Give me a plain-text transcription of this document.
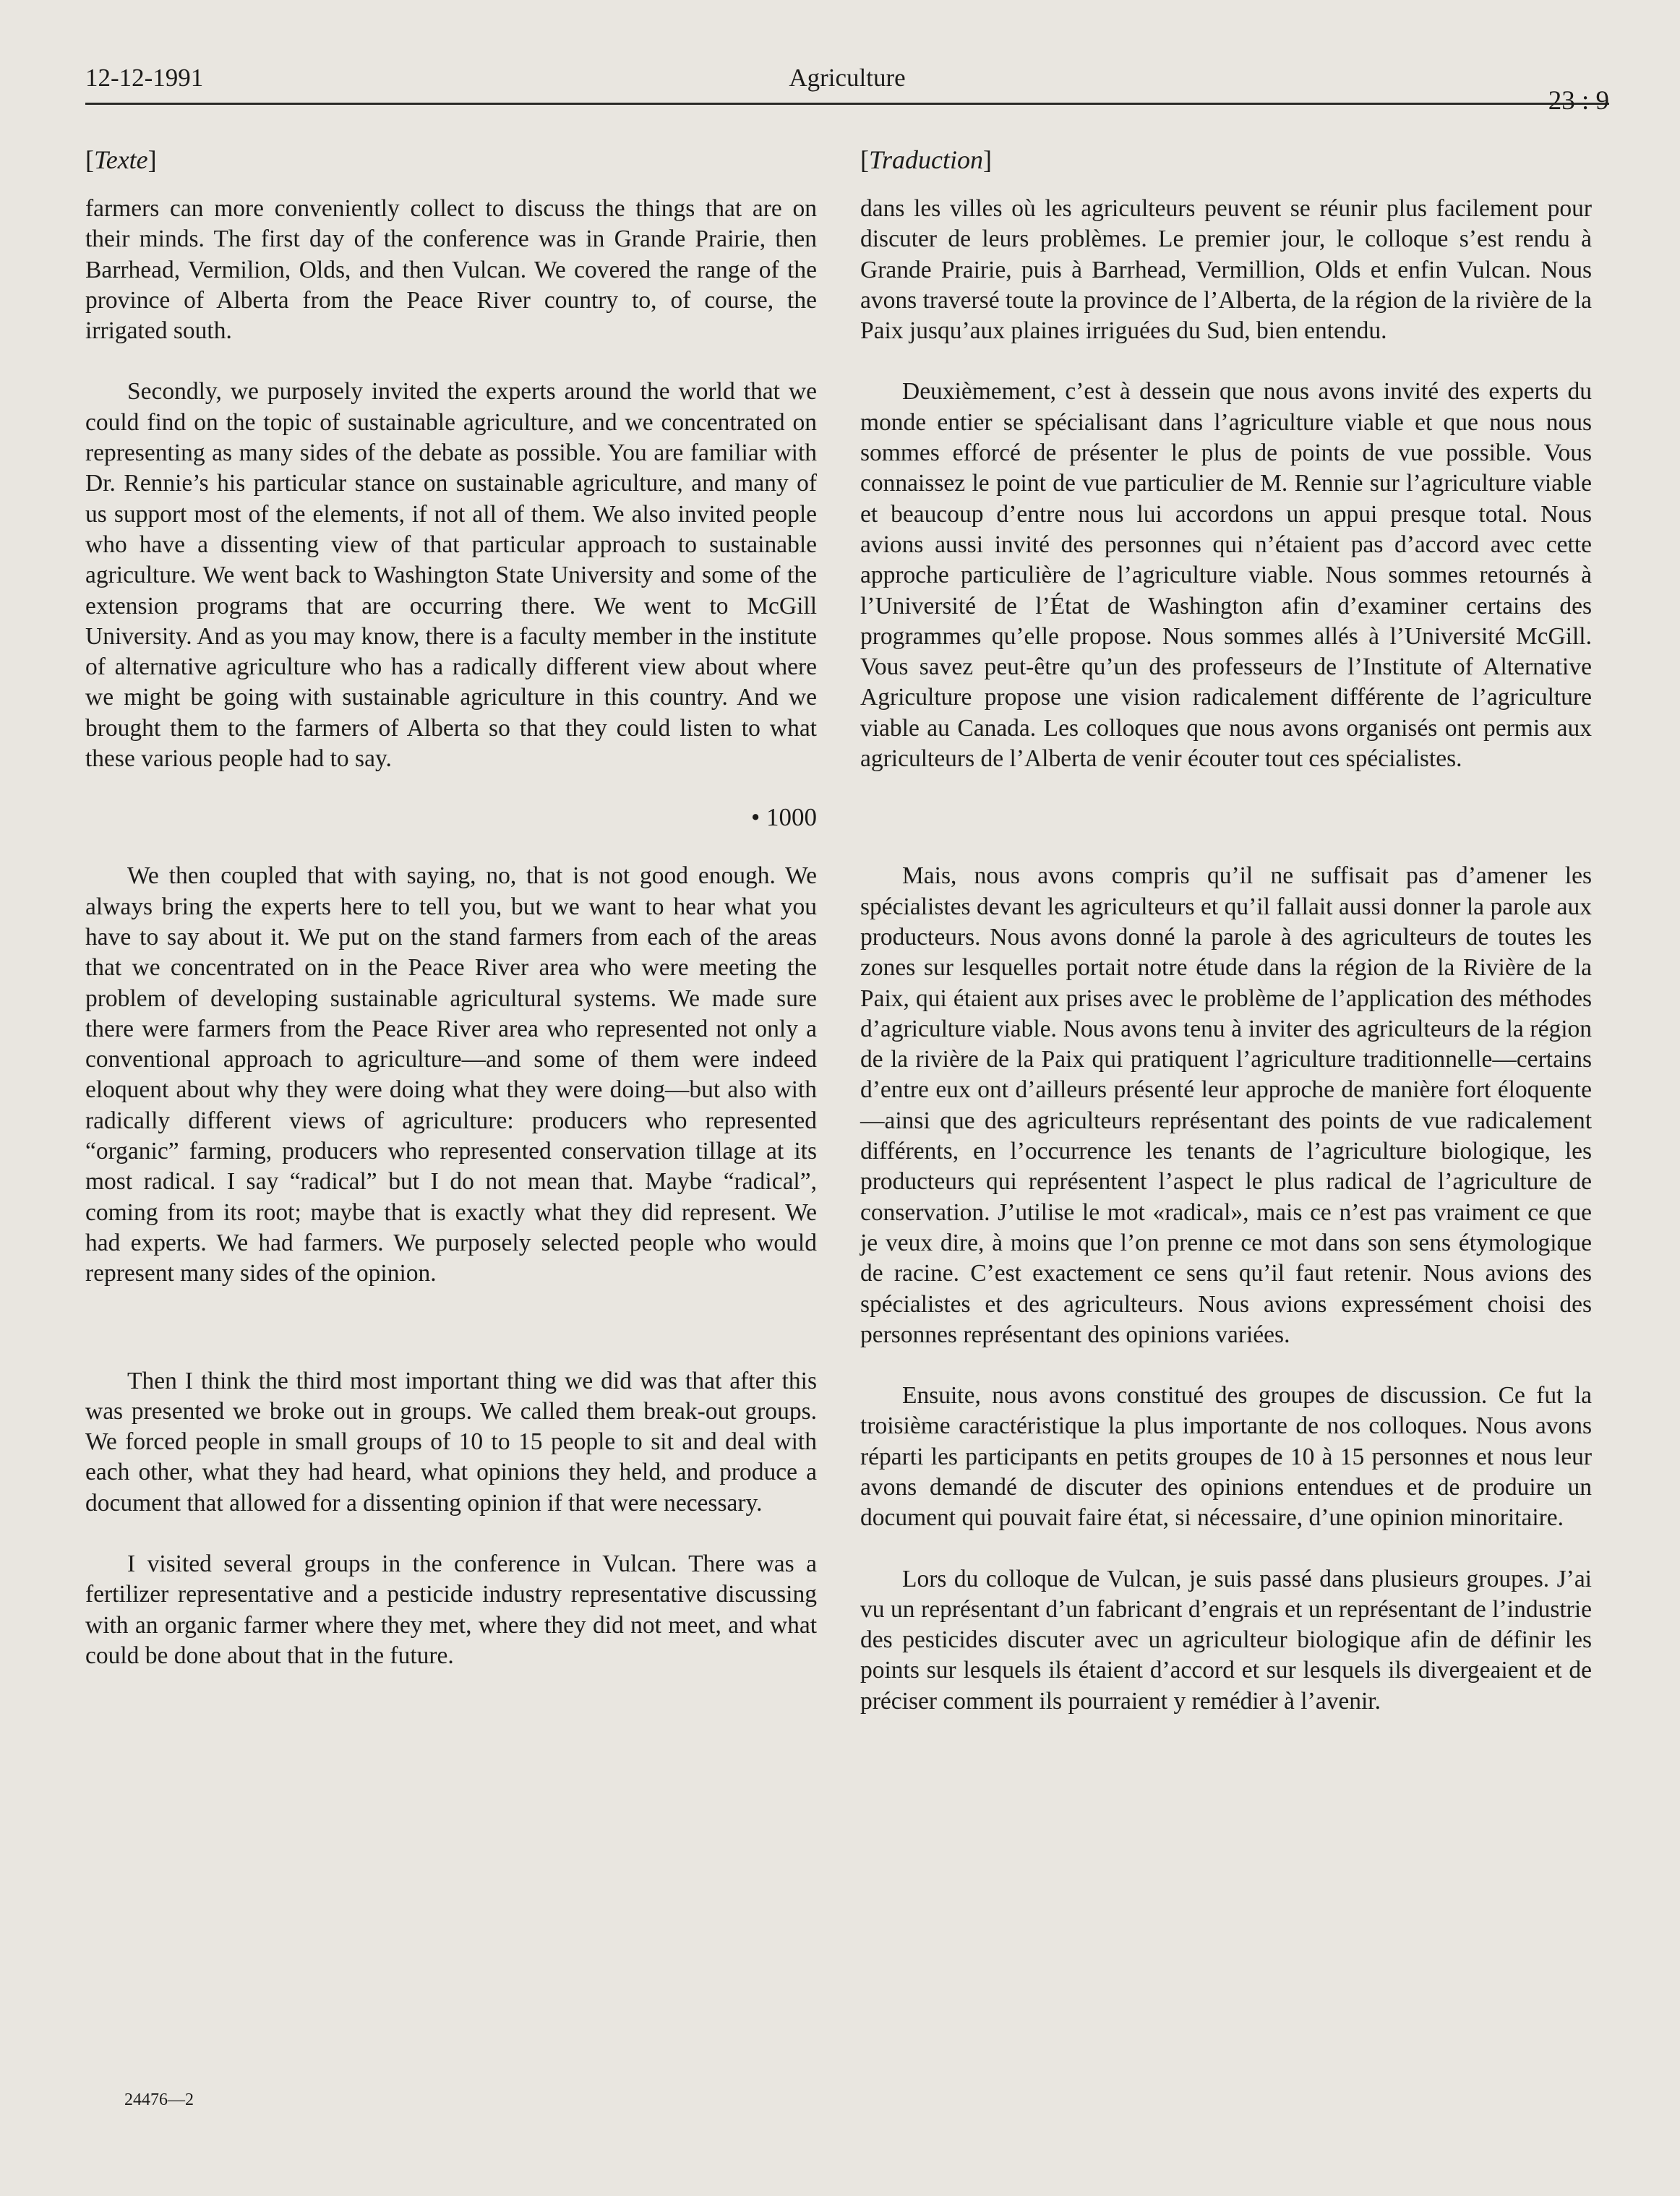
12-12-1991	Agriculture
23 : 9
[Texte]

farmers can more conveniently collect to discuss the things that are on their minds. The first day of the conference was in Grande Prairie, then Barrhead, Vermilion, Olds, and then Vulcan. We covered the range of the province of Alberta from the Peace River country to, of course, the irrigated south.

Secondly, we purposely invited the experts around the world that we could find on the topic of sustainable agriculture, and we concentrated on representing as many sides of the debate as possible. You are familiar with Dr. Rennie’s his particular stance on sustainable agriculture, and many of us support most of the elements, if not all of them. We also invited people who have a dissenting view of that particular approach to sustainable agriculture. We went back to Washington State University and some of the extension programs that are occurring there. We went to McGill University. And as you may know, there is a faculty member in the institute of alternative agriculture who has a radically different view about where we might be going with sustainable agriculture in this country. And we brought them to the farmers of Alberta so that they could listen to what these various people had to say.

• 1000

We then coupled that with saying, no, that is not good enough. We always bring the experts here to tell you, but we want to hear what you have to say about it. We put on the stand farmers from each of the areas that we concentrated on in the Peace River area who were meeting the problem of developing sustainable agricultural systems. We made sure there were farmers from the Peace River area who represented not only a conventional approach to agriculture—and some of them were indeed eloquent about why they were doing what they were doing—but also with radically different views of agriculture: producers who represented “organic” farming, producers who represented conservation tillage at its most radical. I say “radical” but I do not mean that. Maybe “radical”, coming from its root; maybe that is exactly what they did represent. We had experts. We had farmers. We purposely selected people who would represent many sides of the opinion.

Then I think the third most important thing we did was that after this was presented we broke out in groups. We called them break-out groups. We forced people in small groups of 10 to 15 people to sit and deal with each other, what they had heard, what opinions they held, and produce a document that allowed for a dissenting opinion if that were necessary.

I visited several groups in the conference in Vulcan. There was a fertilizer representative and a pesticide industry representative discussing with an organic farmer where they met, where they did not meet, and what could be done about that in the future.

[Traduction]

dans les villes où les agriculteurs peuvent se réunir plus facilement pour discuter de leurs problèmes. Le premier jour, le colloque s’est rendu à Grande Prairie, puis à Barrhead, Vermillion, Olds et enfin Vulcan. Nous avons traversé toute la province de l’Alberta, de la région de la rivière de la Paix jusqu’aux plaines irriguées du Sud, bien entendu.

Deuxièmement, c’est à dessein que nous avons invité des experts du monde entier se spécialisant dans l’agriculture viable et que nous nous sommes efforcé de présenter le plus de points de vue possible. Vous connaissez le point de vue particulier de M. Rennie sur l’agriculture viable et beaucoup d’entre nous lui accordons un appui presque total. Nous avions aussi invité des personnes qui n’étaient pas d’accord avec cette approche particulière de l’agriculture viable. Nous sommes retournés à l’Université de l’État de Washington afin d’examiner certains des programmes qu’elle propose. Nous sommes allés à l’Université McGill. Vous savez peut-être qu’un des professeurs de l’Institute of Alternative Agriculture propose une vision radicalement différente de l’agriculture viable au Canada. Les colloques que nous avons organisés ont permis aux agriculteurs de l’Alberta de venir écouter tout ces spécialistes.

Mais, nous avons compris qu’il ne suffisait pas d’amener les spécialistes devant les agriculteurs et qu’il fallait aussi donner la parole aux producteurs. Nous avons donné la parole à des agriculteurs de toutes les zones sur lesquelles portait notre étude dans la région de la Rivière de la Paix, qui étaient aux prises avec le problème de l’application des méthodes d’agriculture viable. Nous avons tenu à inviter des agriculteurs de la région de la rivière de la Paix qui pratiquent l’agriculture traditionnelle—certains d’entre eux ont d’ailleurs présenté leur approche de manière fort éloquente—ainsi que des agriculteurs représentant des points de vue radicalement différents, en l’occurrence les tenants de l’agriculture biologique, les producteurs qui représentent l’aspect le plus radical de l’agriculture de conservation. J’utilise le mot «radical», mais ce n’est pas vraiment ce que je veux dire, à moins que l’on prenne ce mot dans son sens étymologique de racine. C’est exactement ce sens qu’il faut retenir. Nous avions des spécialistes et des agriculteurs. Nous avions expressément choisi des personnes représentant des opinions variées.

Ensuite, nous avons constitué des groupes de discussion. Ce fut la troisième caractéristique la plus importante de nos colloques. Nous avons réparti les participants en petits groupes de 10 à 15 personnes et nous leur avons demandé de discuter des opinions entendues et de produire un document qui pouvait faire état, si nécessaire, d’une opinion minoritaire.

Lors du colloque de Vulcan, je suis passé dans plusieurs groupes. J’ai vu un représentant d’un fabricant d’engrais et un représentant de l’industrie des pesticides discuter avec un agriculteur biologique afin de définir les points sur lesquels ils étaient d’accord et sur lesquels ils divergeaient et de préciser comment ils pourraient y remédier à l’avenir.

24476—2
